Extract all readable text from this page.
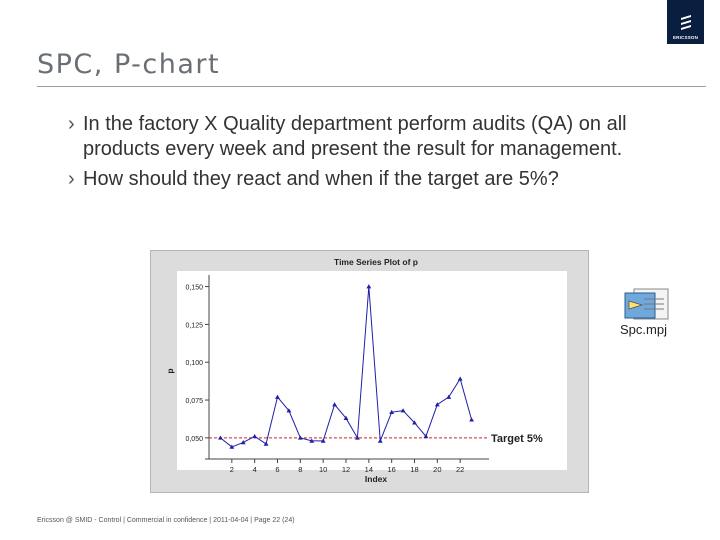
ERICSSON
SPC, P-chart
› In the factory X Quality department perform audits (QA) on all products every week and present the result for management.
› How should they react and when if the target are 5%?
Time Series Plot of p
Index
p
0,050
0,075
0,100
0,125
0,150
2 4 6 8 10 12 14 16 18 20 22
Target 5%
Spc.mpj
Ericsson @ SMID - Control | Commercial in confidence | 2011-04-04 | Page 22 (24)
